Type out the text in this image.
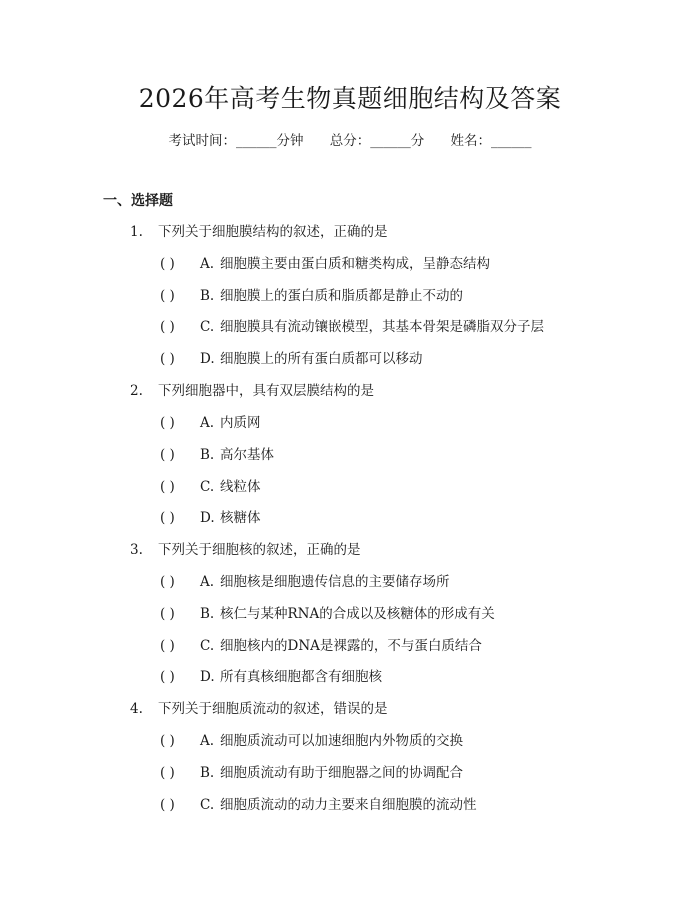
2026年高考生物真题细胞结构及答案
考试时间：______分钟 总分：______分 姓名：______
一、选择题
1. 下列关于细胞膜结构的叙述，正确的是
( ) A. 细胞膜主要由蛋白质和糖类构成，呈静态结构
( ) B. 细胞膜上的蛋白质和脂质都是静止不动的
( ) C. 细胞膜具有流动镶嵌模型，其基本骨架是磷脂双分子层
( ) D. 细胞膜上的所有蛋白质都可以移动
2. 下列细胞器中，具有双层膜结构的是
( ) A. 内质网
( ) B. 高尔基体
( ) C. 线粒体
( ) D. 核糖体
3. 下列关于细胞核的叙述，正确的是
( ) A. 细胞核是细胞遗传信息的主要储存场所
( ) B. 核仁与某种RNA的合成以及核糖体的形成有关
( ) C. 细胞核内的DNA是裸露的，不与蛋白质结合
( ) D. 所有真核细胞都含有细胞核
4. 下列关于细胞质流动的叙述，错误的是
( ) A. 细胞质流动可以加速细胞内外物质的交换
( ) B. 细胞质流动有助于细胞器之间的协调配合
( ) C. 细胞质流动的动力主要来自细胞膜的流动性
